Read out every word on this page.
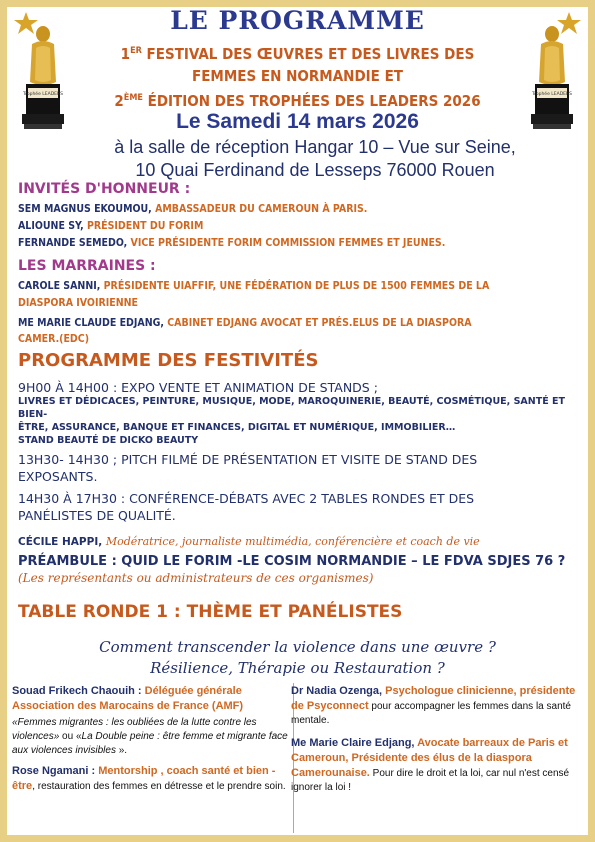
Trophée LEADERS	Trophée LEADERS
LE PROGRAMME
1ER FESTIVAL DES ŒUVRES ET DES LIVRES DES
FEMMES EN NORMANDIE ET
2ÈME ÉDITION DES TROPHÉES DES LEADERS 2026
Le Samedi 14 mars 2026
à la salle de réception Hangar 10 – Vue sur Seine,
10 Quai Ferdinand de Lesseps 76000 Rouen
INVITÉS D'HONNEUR :
SEM MAGNUS EKOUMOU, AMBASSADEUR DU CAMEROUN À PARIS.
ALIOUNE SY, PRÉSIDENT DU FORIM
FERNANDE SEMEDO, VICE PRÉSIDENTE FORIM COMMISSION FEMMES ET JEUNES.
LES MARRAINES :
CAROLE SANNI, PRÉSIDENTE UIAFFIF, UNE FÉDÉRATION DE PLUS DE 1500 FEMMES DE LA
DIASPORA IVOIRIENNE
ME MARIE CLAUDE EDJANG, CABINET EDJANG AVOCAT ET PRÉS.ELUS DE LA DIASPORA
CAMER.(EDC)
PROGRAMME DES FESTIVITÉS
9H00 À 14H00 : EXPO VENTE ET ANIMATION DE STANDS ;
LIVRES ET DÉDICACES, PEINTURE, MUSIQUE, MODE, MAROQUINERIE, BEAUTÉ, COSMÉTIQUE, SANTÉ ET BIEN-
ÊTRE, ASSURANCE, BANQUE ET FINANCES, DIGITAL ET NUMÉRIQUE, IMMOBILIER…
STAND BEAUTÉ DE DICKO BEAUTY
13H30- 14H30 ; PITCH FILMÉ DE PRÉSENTATION ET VISITE DE STAND DES
EXPOSANTS.
14H30 À 17H30 : CONFÉRENCE-DÉBATS AVEC 2 TABLES RONDES ET DES
PANÉLISTES DE QUALITÉ.
CÉCILE HAPPI, Modératrice, journaliste multimédia, conférencière et coach de vie
PRÉAMBULE : QUID LE FORIM -LE COSIM NORMANDIE – LE FDVA SDJES 76 ?
(Les représentants ou administrateurs de ces organismes)
TABLE RONDE 1 : THÈME ET PANÉLISTES
Comment transcender la violence dans une œuvre ?
Résilience, Thérapie ou Restauration ?
Souad Frikech Chaouih : Déléguée générale Association des Marocains de France (AMF)
«Femmes migrantes : les oubliées de la lutte contre les violences» ou «La Double peine : être femme et migrante face aux violences invisibles ».
Rose Ngamani : Mentorship , coach santé et bien - être, restauration des femmes en détresse et le prendre soin.
Dr Nadia Ozenga, Psychologue clinicienne, présidente de Psyconnect pour accompagner les femmes dans la santé mentale.
Me Marie Claire Edjang, Avocate barreaux de Paris et Cameroun, Présidente des élus de la diaspora Camerounaise. Pour dire le droit et la loi, car nul n'est censé ignorer la loi !
